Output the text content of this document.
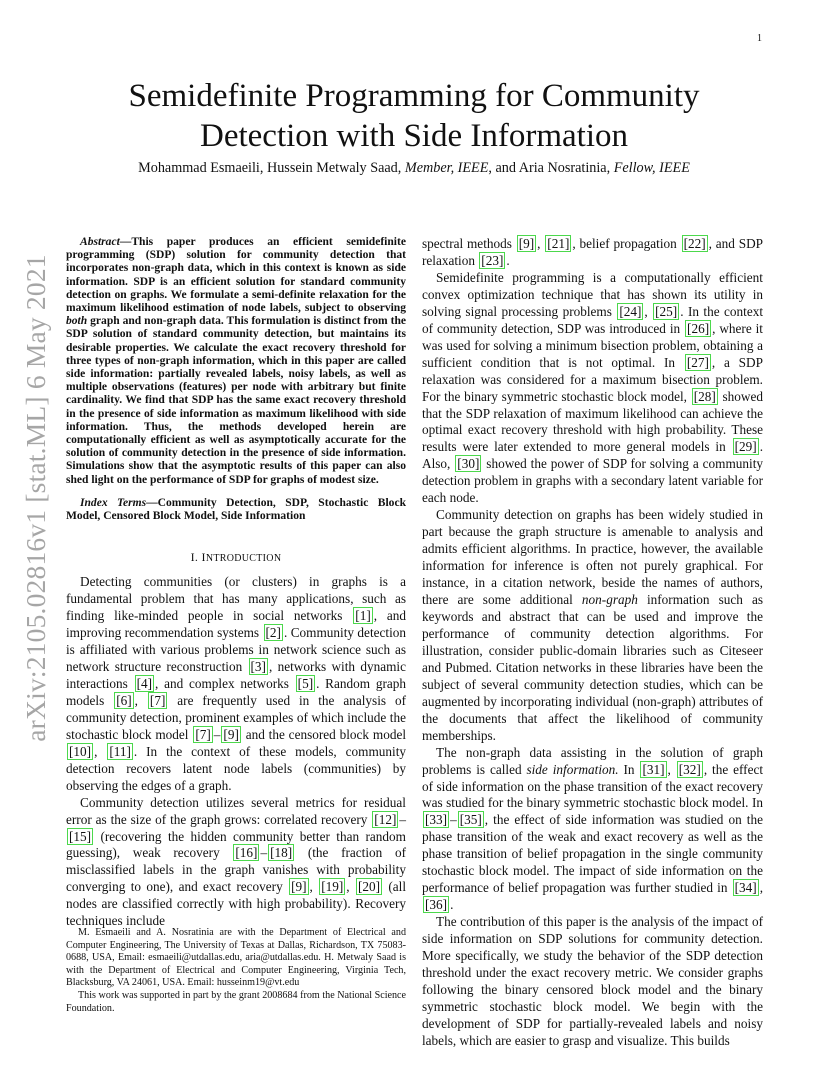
1
arXiv:2105.02816v1 [stat.ML] 6 May 2021
Semidefinite Programming for Community
Detection with Side Information
Mohammad Esmaeili, Hussein Metwaly Saad, Member, IEEE, and Aria Nosratinia, Fellow, IEEE

Abstract—This paper produces an efficient semidefinite programming (SDP) solution for community detection that incorporates non-graph data, which in this context is known as side information. SDP is an efficient solution for standard community detection on graphs. We formulate a semi-definite relaxation for the maximum likelihood estimation of node labels, subject to observing both graph and non-graph data. This formulation is distinct from the SDP solution of standard community detection, but maintains its desirable properties. We calculate the exact recovery threshold for three types of non-graph information, which in this paper are called side information: partially revealed labels, noisy labels, as well as multiple observations (features) per node with arbitrary but finite cardinality. We find that SDP has the same exact recovery threshold in the presence of side information as maximum likelihood with side information. Thus, the methods developed herein are computationally efficient as well as asymptotically accurate for the solution of community detection in the presence of side information. Simulations show that the asymptotic results of this paper can also shed light on the performance of SDP for graphs of modest size.

Index Terms—Community Detection, SDP, Stochastic Block Model, Censored Block Model, Side Information

I. INTRODUCTION

Detecting communities (or clusters) in graphs is a fundamental problem that has many applications, such as finding like-minded people in social networks [1] , and improving recommendation systems [2] . Community detection is affiliated with various problems in network science such as network structure reconstruction [3] , networks with dynamic interactions [4] , and complex networks [5] . Random graph models [6] , [7] are frequently used in the analysis of community detection, prominent examples of which include the stochastic block model [7] – [9] and the censored block model [10] , [11] . In the context of these models, community detection recovers latent node labels (communities) by observing the edges of a graph.

Community detection utilizes several metrics for residual error as the size of the graph grows: correlated recovery [12] –[15] (recovering the hidden community better than random guessing), weak recovery [16] – [18] (the fraction of misclassified labels in the graph vanishes with probability converging to one), and exact recovery [9] , [19] , [20] (all nodes are classified correctly with high probability). Recovery techniques include

M. Esmaeili and A. Nosratinia are with the Department of Electrical and Computer Engineering, The University of Texas at Dallas, Richardson, TX 75083-0688, USA, Email: esmaeili@utdallas.edu, aria@utdallas.edu. H. Metwaly Saad is with the Department of Electrical and Computer Engineering, Virginia Tech, Blacksburg, VA 24061, USA. Email: husseinm19@vt.edu

This work was supported in part by the grant 2008684 from the National Science Foundation.

spectral methods [9] , [21] , belief propagation [22] , and SDP relaxation [23] .

Semidefinite programming is a computationally efficient convex optimization technique that has shown its utility in solving signal processing problems [24] , [25] . In the context of community detection, SDP was introduced in [26] , where it was used for solving a minimum bisection problem, obtaining a sufficient condition that is not optimal. In [27] , a SDP relaxation was considered for a maximum bisection problem. For the binary symmetric stochastic block model, [28] showed that the SDP relaxation of maximum likelihood can achieve the optimal exact recovery threshold with high probability. These results were later extended to more general models in [29] . Also, [30] showed the power of SDP for solving a community detection problem in graphs with a secondary latent variable for each node.

Community detection on graphs has been widely studied in part because the graph structure is amenable to analysis and admits efficient algorithms. In practice, however, the available information for inference is often not purely graphical. For instance, in a citation network, beside the names of authors, there are some additional non-graph information such as keywords and abstract that can be used and improve the performance of community detection algorithms. For illustration, consider public-domain libraries such as Citeseer and Pubmed. Citation networks in these libraries have been the subject of several community detection studies, which can be augmented by incorporating individual (non-graph) attributes of the documents that affect the likelihood of community memberships.

The non-graph data assisting in the solution of graph problems is called side information. In [31] , [32] , the effect of side information on the phase transition of the exact recovery was studied for the binary symmetric stochastic block model. In [33] – [35] , the effect of side information was studied on the phase transition of the weak and exact recovery as well as the phase transition of belief propagation in the single community stochastic block model. The impact of side information on the performance of belief propagation was further studied in [34] , [36] .

The contribution of this paper is the analysis of the impact of side information on SDP solutions for community detection. More specifically, we study the behavior of the SDP detection threshold under the exact recovery metric. We consider graphs following the binary censored block model and the binary symmetric stochastic block model. We begin with the development of SDP for partially-revealed labels and noisy labels, which are easier to grasp and visualize. This builds
